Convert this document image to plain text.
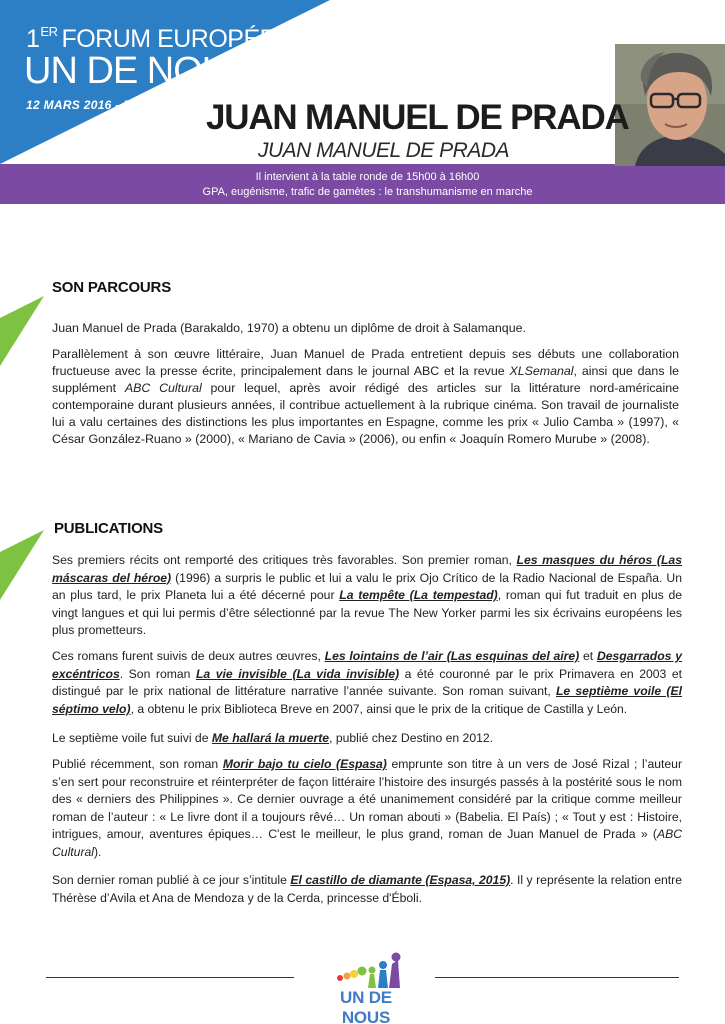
1ER FORUM EUROPÉEN
UN DE NOUS
12 MARS 2016 - PARIS JUAN MANUEL DE PRADA
JUAN MANUEL DE PRADA
Il intervient à la table ronde de 15h00 à 16h00
GPA, eugénisme, trafic de gamètes : le transhumanisme en marche
SON PARCOURS

Juan Manuel de Prada (Barakaldo, 1970) a obtenu un diplôme de droit à Salamanque.

Parallèlement à son œuvre littéraire, Juan Manuel de Prada entretient depuis ses débuts une collaboration fructueuse avec la presse écrite, principalement dans le journal ABC et la revue XLSemanal, ainsi que dans le supplément ABC Cultural pour lequel, après avoir rédigé des articles sur la littérature nord-américaine contemporaine durant plusieurs années, il contribue actuellement à la rubrique cinéma. Son travail de journaliste lui a valu certaines des distinctions les plus importantes en Espagne, comme les prix « Julio Camba » (1997), « César González-Ruano » (2000), « Mariano de Cavia » (2006), ou enfin « Joaquín Romero Murube » (2008).

PUBLICATIONS

Ses premiers récits ont remporté des critiques très favorables. Son premier roman, Les masques du héros (Las máscaras del héroe) (1996) a surpris le public et lui a valu le prix Ojo Crítico de la Radio Nacional de España. Un an plus tard, le prix Planeta lui a été décerné pour La tempête (La tempestad), roman qui fut traduit en plus de vingt langues et qui lui permis d’être sélectionné par la revue The New Yorker parmi les six écrivains européens les plus prometteurs.

Ces romans furent suivis de deux autres œuvres, Les lointains de l’air (Las esquinas del aire) et Desgarrados y excéntricos. Son roman La vie invisible (La vida invisible) a été couronné par le prix Primavera en 2003 et distingué par le prix national de littérature narrative l’année suivante. Son roman suivant, Le septième voile (El séptimo velo), a obtenu le prix Biblioteca Breve en 2007, ainsi que le prix de la critique de Castilla y León.

Le septième voile fut suivi de Me hallará la muerte, publié chez Destino en 2012.

Publié récemment, son roman Morir bajo tu cielo (Espasa) emprunte son titre à un vers de José Rizal ; l’auteur s’en sert pour reconstruire et réinterpréter de façon littéraire l’histoire des insurgés passés à la postérité sous le nom des « derniers des Philippines ». Ce dernier ouvrage a été unanimement considéré par la critique comme meilleur roman de l’auteur : « Le livre dont il a toujours rêvé… Un roman abouti » (Babelia. El País) ; « Tout y est : Histoire, intrigues, amour, aventures épiques… C'est le meilleur, le plus grand, roman de Juan Manuel de Prada » (ABC Cultural).

Son dernier roman publié à ce jour s’intitule El castillo de diamante (Espasa, 2015). Il y représente la relation entre Thérèse d’Avila et Ana de Mendoza y de la Cerda, princesse d'Éboli.

UN DE NOUS
